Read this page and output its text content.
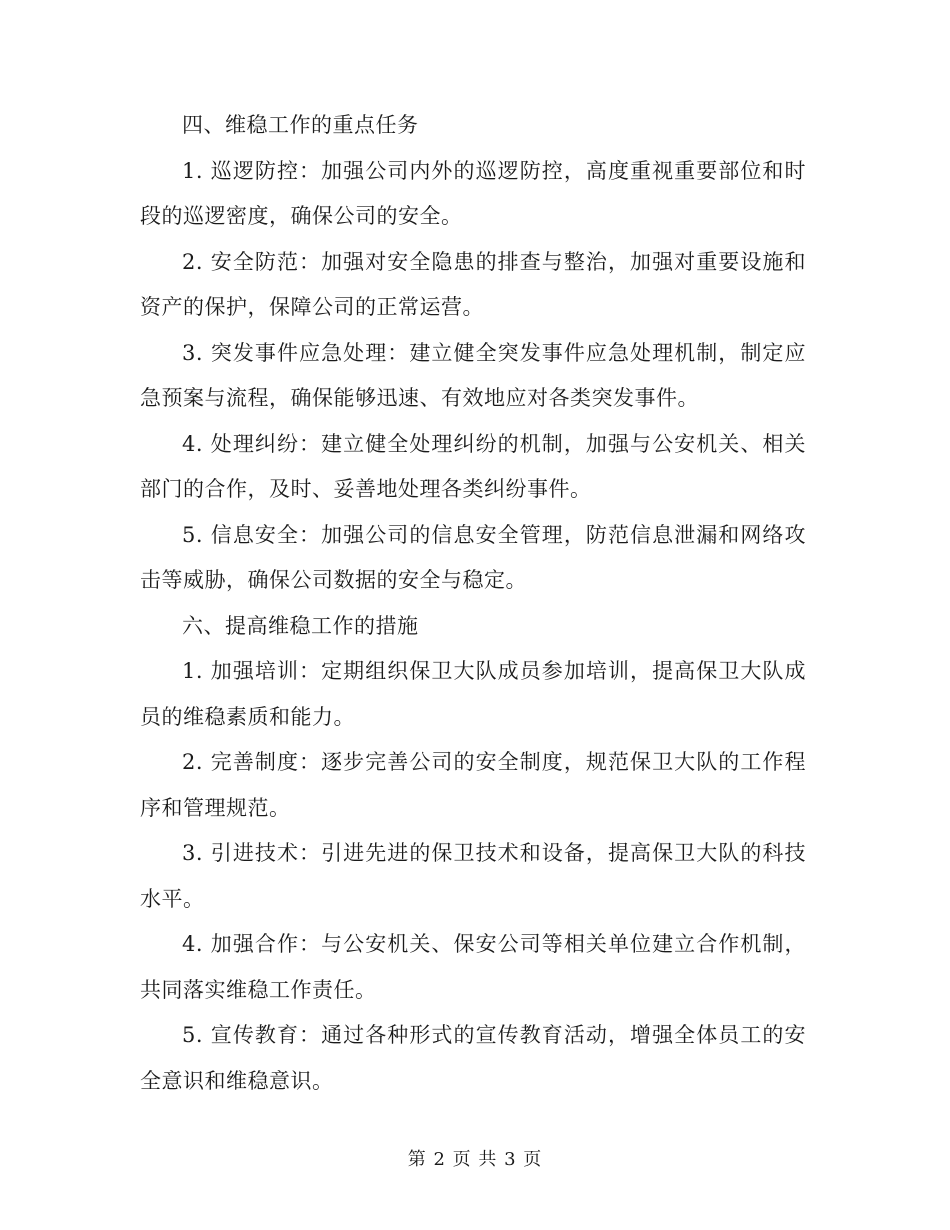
四、维稳工作的重点任务

1. 巡逻防控：加强公司内外的巡逻防控，高度重视重要部位和时段的巡逻密度，确保公司的安全。

2. 安全防范：加强对安全隐患的排查与整治，加强对重要设施和资产的保护，保障公司的正常运营。

3. 突发事件应急处理：建立健全突发事件应急处理机制，制定应急预案与流程，确保能够迅速、有效地应对各类突发事件。

4. 处理纠纷：建立健全处理纠纷的机制，加强与公安机关、相关部门的合作，及时、妥善地处理各类纠纷事件。

5. 信息安全：加强公司的信息安全管理，防范信息泄漏和网络攻击等威胁，确保公司数据的安全与稳定。

六、提高维稳工作的措施

1. 加强培训：定期组织保卫大队成员参加培训，提高保卫大队成员的维稳素质和能力。

2. 完善制度：逐步完善公司的安全制度，规范保卫大队的工作程序和管理规范。

3. 引进技术：引进先进的保卫技术和设备，提高保卫大队的科技水平。

4. 加强合作：与公安机关、保安公司等相关单位建立合作机制，共同落实维稳工作责任。

5. 宣传教育：通过各种形式的宣传教育活动，增强全体员工的安全意识和维稳意识。

第 2 页 共 3 页
